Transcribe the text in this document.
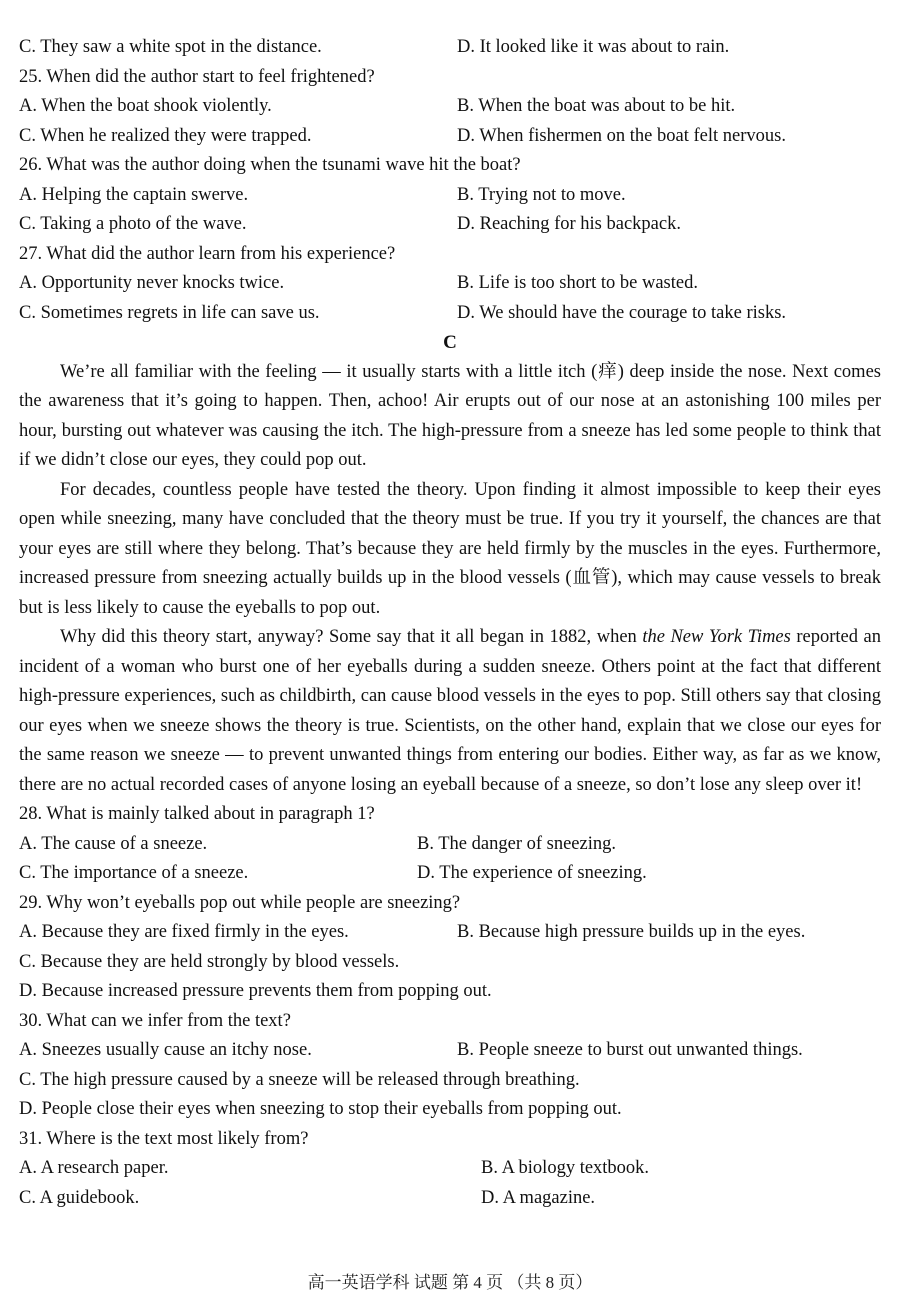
C. They saw a white spot in the distance.	D. It looked like it was about to rain.
25. When did the author start to feel frightened?
A. When the boat shook violently.	B. When the boat was about to be hit.
C. When he realized they were trapped.	D. When fishermen on the boat felt nervous.
26. What was the author doing when the tsunami wave hit the boat?
A. Helping the captain swerve.	B. Trying not to move.
C. Taking a photo of the wave.	D. Reaching for his backpack.
27. What did the author learn from his experience?
A. Opportunity never knocks twice.	B. Life is too short to be wasted.
C. Sometimes regrets in life can save us.	D. We should have the courage to take risks.
C

We’re all familiar with the feeling — it usually starts with a little itch (痒) deep inside the nose. Next comes the awareness that it’s going to happen. Then, achoo! Air erupts out of our nose at an astonishing 100 miles per hour, bursting out whatever was causing the itch. The high-pressure from a sneeze has led some people to think that if we didn’t close our eyes, they could pop out.

For decades, countless people have tested the theory. Upon finding it almost impossible to keep their eyes open while sneezing, many have concluded that the theory must be true. If you try it yourself, the chances are that your eyes are still where they belong. That’s because they are held firmly by the muscles in the eyes. Furthermore, increased pressure from sneezing actually builds up in the blood vessels (血管), which may cause vessels to break but is less likely to cause the eyeballs to pop out.

Why did this theory start, anyway? Some say that it all began in 1882, when the New York Times reported an incident of a woman who burst one of her eyeballs during a sudden sneeze. Others point at the fact that different high-pressure experiences, such as childbirth, can cause blood vessels in the eyes to pop. Still others say that closing our eyes when we sneeze shows the theory is true. Scientists, on the other hand, explain that we close our eyes for the same reason we sneeze — to prevent unwanted things from entering our bodies. Either way, as far as we know, there are no actual recorded cases of anyone losing an eyeball because of a sneeze, so don’t lose any sleep over it!

28. What is mainly talked about in paragraph 1?
A. The cause of a sneeze.	B. The danger of sneezing.
C. The importance of a sneeze.	D. The experience of sneezing.
29. Why won’t eyeballs pop out while people are sneezing?
A. Because they are fixed firmly in the eyes.	B. Because high pressure builds up in the eyes.
C. Because they are held strongly by blood vessels.
D. Because increased pressure prevents them from popping out.
30. What can we infer from the text?
A. Sneezes usually cause an itchy nose.	B. People sneeze to burst out unwanted things.
C. The high pressure caused by a sneeze will be released through breathing.
D. People close their eyes when sneezing to stop their eyeballs from popping out.
31. Where is the text most likely from?
A. A research paper.	B. A biology textbook.
C. A guidebook.	D. A magazine.
高一英语学科 试题 第 4 页 （共 8 页）
